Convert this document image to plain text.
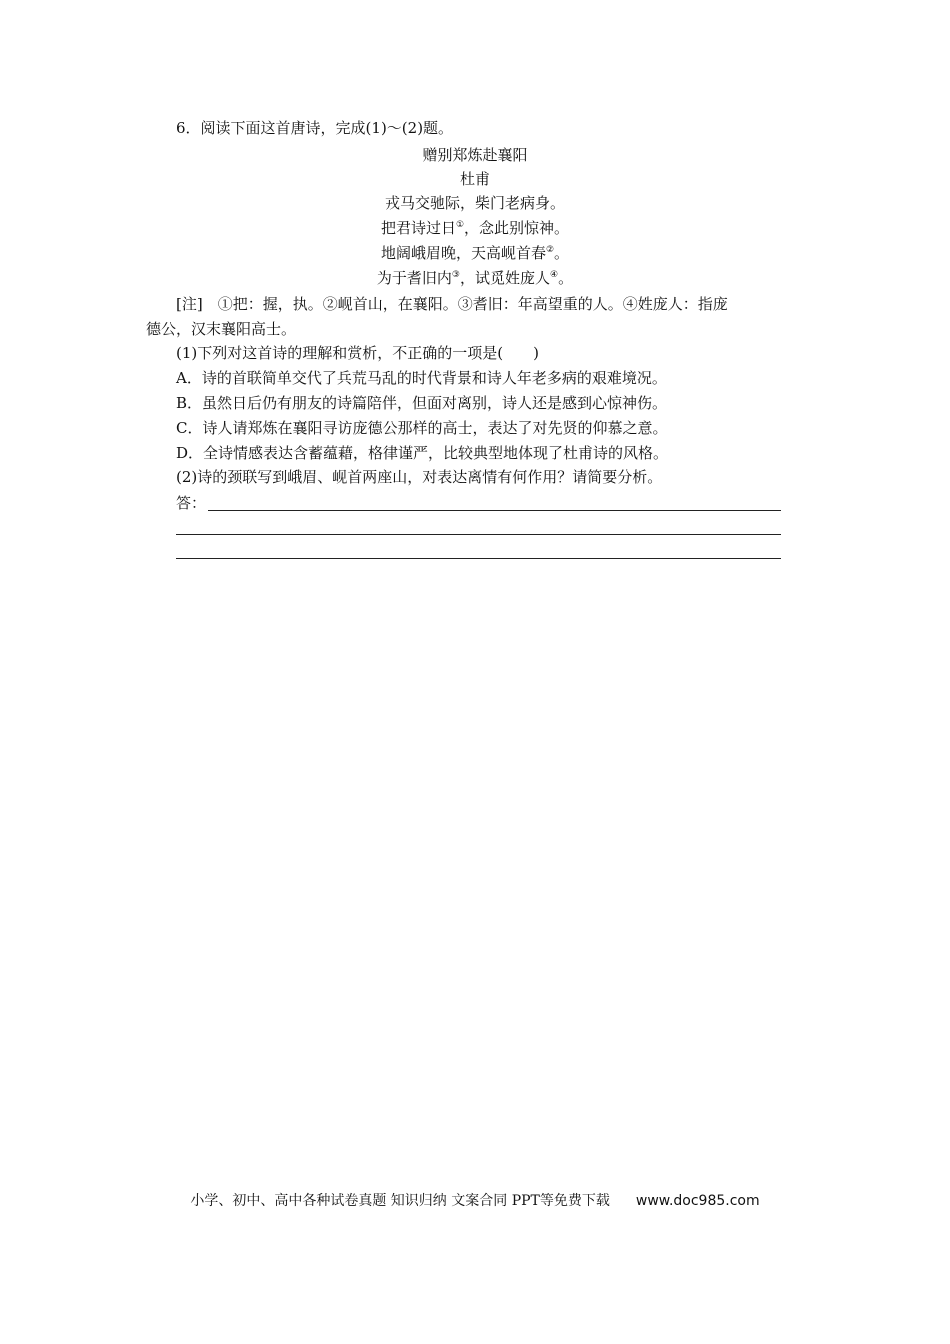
6．阅读下面这首唐诗，完成(1)～(2)题。
赠别郑炼赴襄阳
杜甫
戎马交驰际，柴门老病身。
把君诗过日①，念此别惊神。
地阔峨眉晚，天高岘首春②。
为于耆旧内③，试觅姓庞人④。
[注]　①把：握，执。②岘首山，在襄阳。③耆旧：年高望重的人。④姓庞人：指庞
德公，汉末襄阳高士。
(1)下列对这首诗的理解和赏析，不正确的一项是(　　)
A．诗的首联简单交代了兵荒马乱的时代背景和诗人年老多病的艰难境况。
B．虽然日后仍有朋友的诗篇陪伴，但面对离别，诗人还是感到心惊神伤。
C．诗人请郑炼在襄阳寻访庞德公那样的高士，表达了对先贤的仰慕之意。
D．全诗情感表达含蓄蕴藉，格律谨严，比较典型地体现了杜甫诗的风格。
(2)诗的颈联写到峨眉、岘首两座山，对表达离情有何作用？请简要分析。
答：
小学、初中、高中各种试卷真题 知识归纳 文案合同 PPT等免费下载 www.doc985.com
